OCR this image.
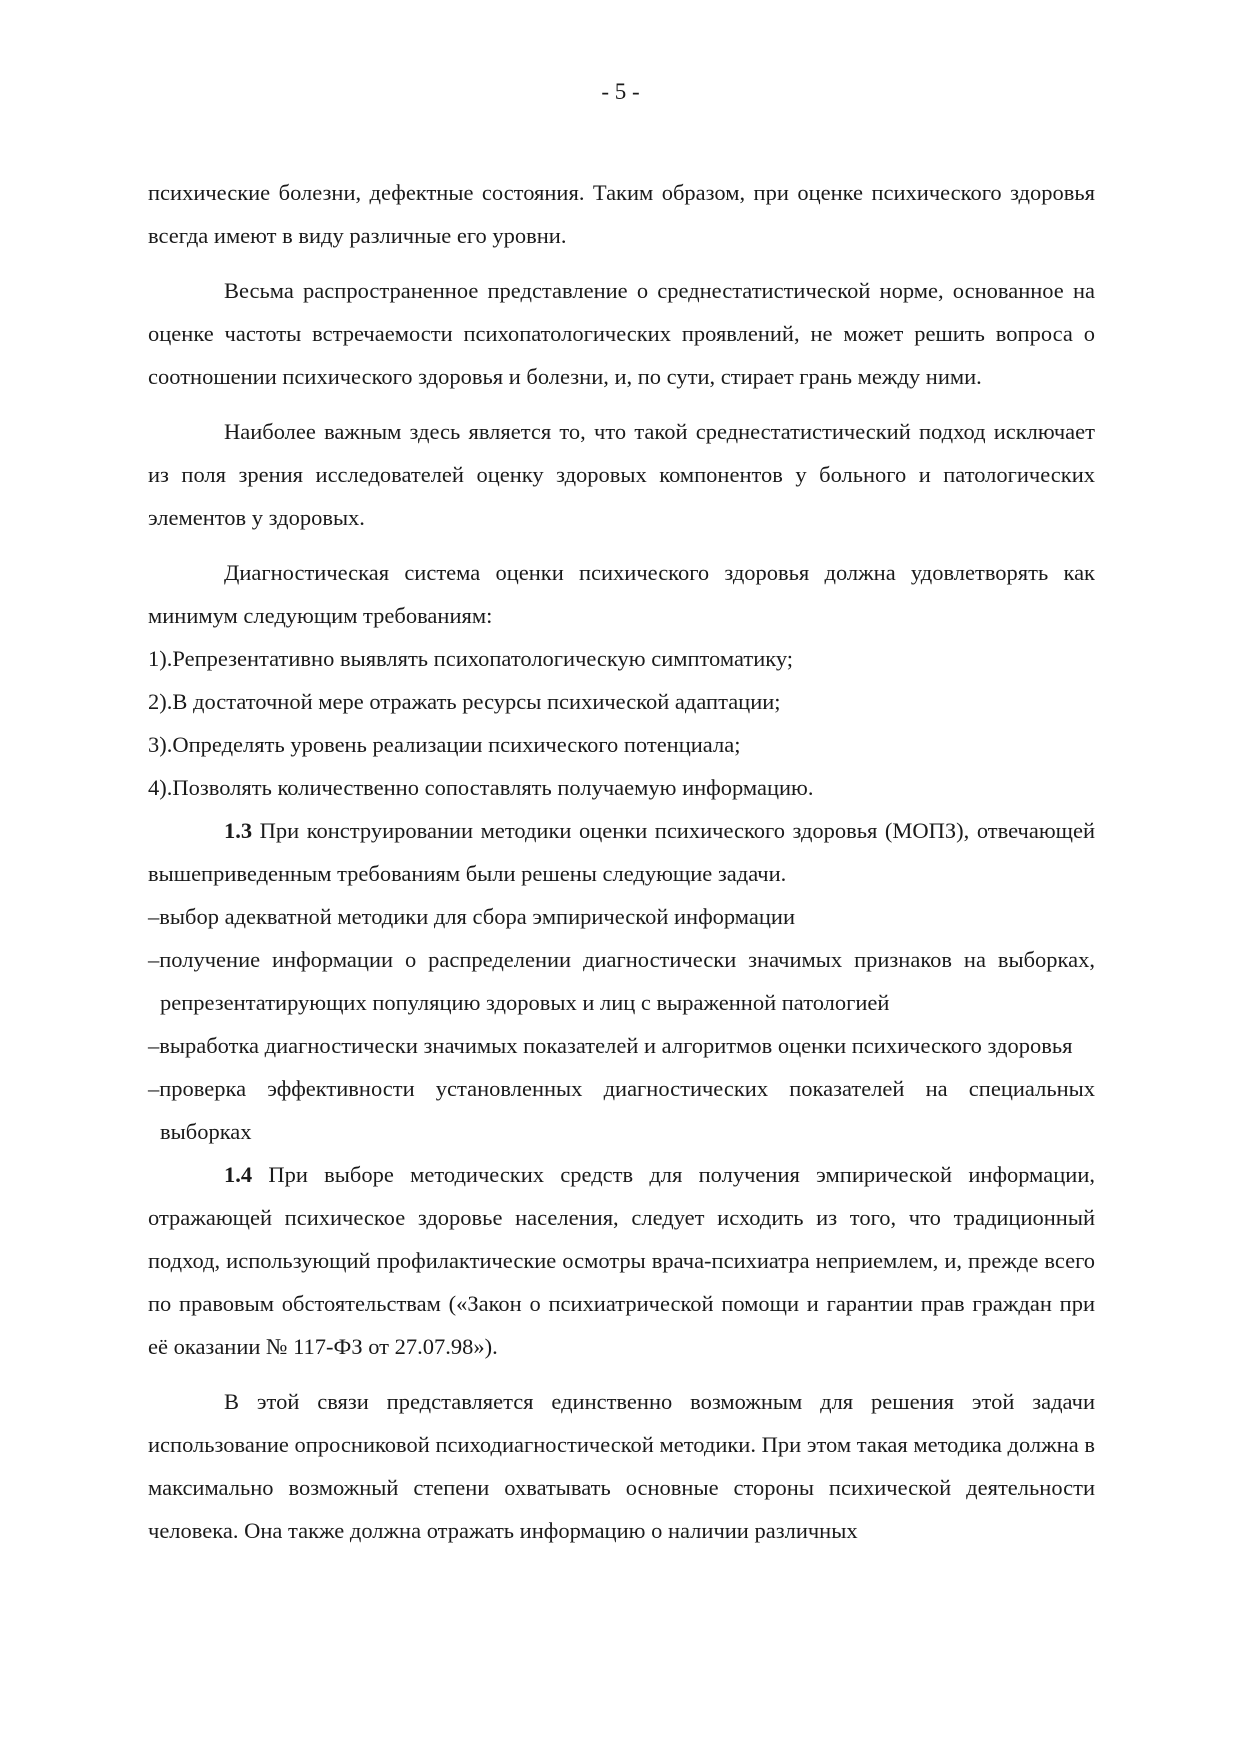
- 5 -

психические болезни, дефектные состояния. Таким образом, при оценке психического здоровья всегда имеют в виду различные его уровни.

Весьма распространенное представление о среднестатистической норме, основанное на оценке частоты встречаемости психопатологических проявлений, не может решить вопроса о соотношении психического здоровья и болезни, и, по сути, стирает грань между ними.

Наиболее важным здесь является то, что такой среднестатистический подход исключает из поля зрения исследователей оценку здоровых компонентов у больного и патологических элементов у здоровых.

Диагностическая система оценки психического здоровья должна удовлетворять как минимум следующим требованиям:

1).Репрезентативно выявлять психопатологическую симптоматику;

2).В достаточной мере отражать ресурсы психической адаптации;

3).Определять уровень реализации психического потенциала;

4).Позволять количественно сопоставлять получаемую информацию.

1.3 При конструировании методики оценки психического здоровья (МОПЗ), отвечающей вышеприведенным требованиям были решены следующие задачи.

–выбор адекватной методики для сбора эмпирической информации

–получение информации о распределении диагностически значимых признаков на выборках, репрезентатирующих популяцию здоровых и лиц с выраженной патологией

–выработка диагностически значимых показателей и алгоритмов оценки психического здоровья

–проверка эффективности установленных диагностических показателей на специальных выборках

1.4 При выборе методических средств для получения эмпирической информации, отражающей психическое здоровье населения, следует исходить из того, что традиционный подход, использующий профилактические осмотры врача-психиатра неприемлем, и, прежде всего по правовым обстоятельствам («Закон о психиатрической помощи и гарантии прав граждан при её оказании № 117-ФЗ от 27.07.98»).

В этой связи представляется единственно возможным для решения этой задачи использование опросниковой психодиагностической методики. При этом такая методика должна в максимально возможный степени охватывать основные стороны психической деятельности человека. Она также должна отражать информацию о наличии различных
